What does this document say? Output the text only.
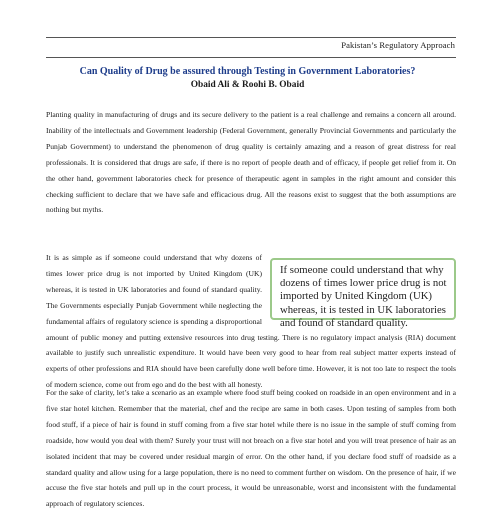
Pakistan’s Regulatory Approach
Can Quality of Drug be assured through Testing in Government Laboratories?
Obaid Ali & Roohi B. Obaid

Planting quality in manufacturing of drugs and its secure delivery to the patient is a real challenge and remains a concern all around. Inability of the intellectuals and Government leadership (Federal Government, generally Provincial Governments and particularly the Punjab Government) to understand the phenomenon of drug quality is certainly amazing and a reason of great distress for real professionals. It is considered that drugs are safe, if there is no report of people death and of efficacy, if people get relief from it. On the other hand, government laboratories check for presence of therapeutic agent in samples in the right amount and consider this checking sufficient to declare that we have safe and efficacious drug. All the reasons exist to suggest that the both assumptions are nothing but myths.

If someone could understand that why dozens of times lower price drug is not imported by United Kingdom (UK) whereas, it is tested in UK laboratories and found of standard quality.
It is as simple as if someone could understand that why dozens of times lower price drug is not imported by United Kingdom (UK) whereas, it is tested in UK laboratories and found of standard quality. The Governments especially Punjab Government while neglecting the fundamental affairs of regulatory science is spending a disproportional amount of public money and putting extensive resources into drug testing. There is no regulatory impact analysis (RIA) document available to justify such unrealistic expenditure. It would have been very good to hear from real subject matter experts instead of experts of other professions and RIA should have been carefully done well before time. However, it is not too late to respect the tools of modern science, come out from ego and do the best with all honesty.

For the sake of clarity, let’s take a scenario as an example where food stuff being cooked on roadside in an open environment and in a five star hotel kitchen. Remember that the material, chef and the recipe are same in both cases. Upon testing of samples from both food stuff, if a piece of hair is found in stuff coming from a five star hotel while there is no issue in the sample of stuff coming from roadside, how would you deal with them? Surely your trust will not breach on a five star hotel and you will treat presence of hair as an isolated incident that may be covered under residual margin of error. On the other hand, if you declare food stuff of roadside as a standard quality and allow using for a large population, there is no need to comment further on wisdom. On the presence of hair, if we accuse the five star hotels and pull up in the court process, it would be unreasonable, worst and inconsistent with the fundamental approach of regulatory sciences.
